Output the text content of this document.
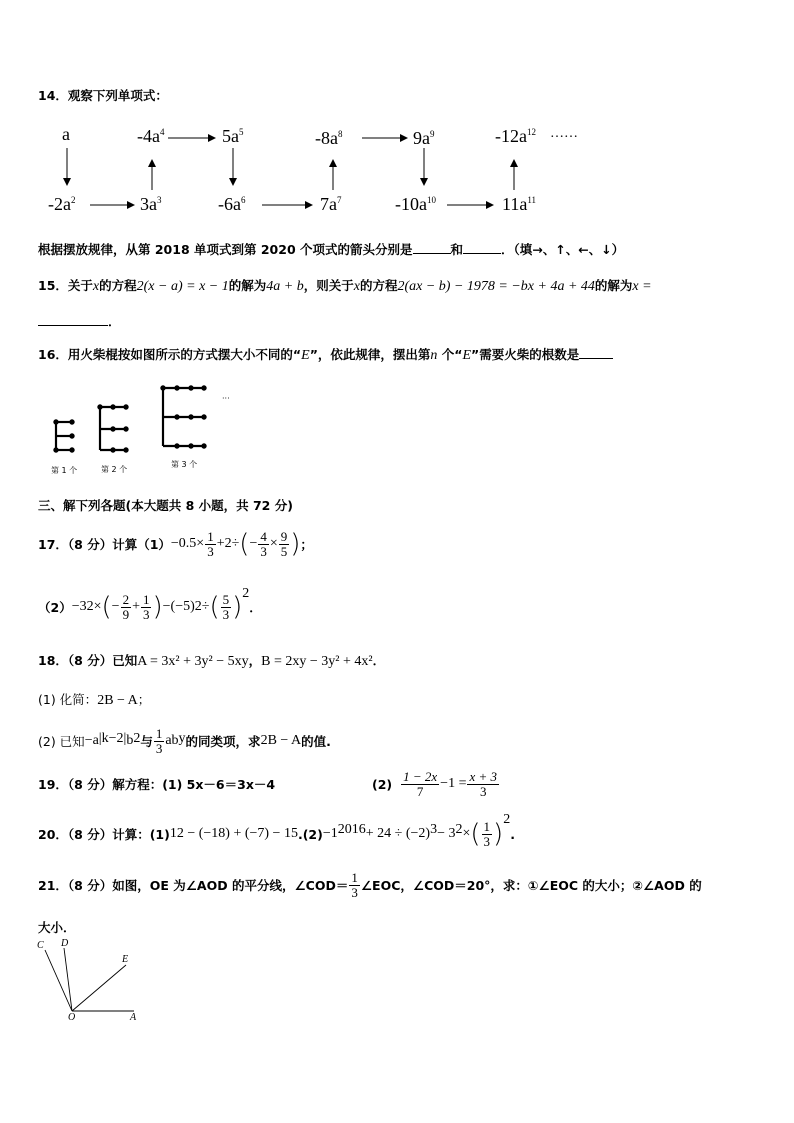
14．观察下列单项式：
a
$-2a^2$	$3a^3$
$-4a^4$	$5a^5$
$-6a^6$	$7a^7$
$-8a^8$	$9a^9$
$-10a^{10}$	$11a^{11}$
$-12a^{12}$ ……
根据摆放规律，从第 2018 单项式到第 2020 个项式的箭头分别是	和	．（填→、↑、←、↓）
15．关于x的方程2(x − a) = x − 1的解为4a + b，则关于x的方程2(ax − b) − 1978 = −bx + 4a + 44的解为x =
．
16．用火柴棍按如图所示的方式摆大小不同的“E”，依此规律，摆出第n 个“E”需要火柴的根数是
···
第 1 个	第 2 个
第 3 个
三、解下列各题(本大题共 8 小题，共 72 分)
17．（8 分）计算$(1) -0.5\times \frac{1}{3} +2\div$ ( − $\frac{4}{3} \times \frac{9}{5}$ ) ；
（2） −3 2 × ( − $\frac{2}{9} + \frac{1}{3}$ ) −(−5) 2 ÷ ( $\frac{5}{3}$ ) 2
．
18．（8 分）已知A = 3x² + 3y² − 5xy，B = 2xy − 3y² + 4x²．
(1) 化简：2B − A；
(2) 已知 −a |k−2| b 2 与 $\frac{1}{3}$ ab y 的同类项，求 2B − A 的值.
19．（8 分）解方程：(1) 5x－6＝3x－4	$(2) \frac{1 - 2x}{7} -1 = \frac{x + 3}{3}$
20．（8 分）计算：(1) 12 − (−18) + (−7) − 15 .(2) −1 2016 + 24 ÷ (−2) 3 − 3 2 × ( $\frac{1}{3}$ ) 2
.
21．（8 分）如图，OE 为∠AOD 的平分线，∠COD＝ $\frac{1}{3}$ ∠EOC，∠COD＝20°，求：①∠EOC 的大小；②∠AOD 的
大小．
C D
E
O	A
